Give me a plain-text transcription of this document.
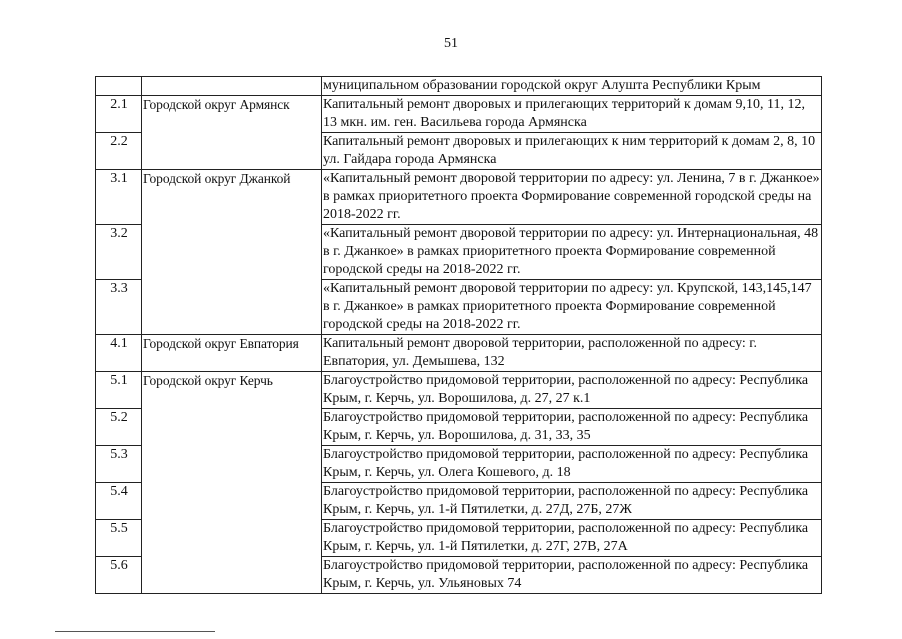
51
		муниципальном образовании городской округ Алушта Республики Крым
2.1	Городской округ Армянск	Капитальный ремонт дворовых и прилегающих территорий к домам 9,10, 11, 12, 13 мкн. им. ген. Васильева города Армянска
2.2		Капитальный ремонт дворовых и прилегающих к ним территорий к домам 2, 8, 10 ул. Гайдара города Армянска
3.1	Городской округ Джанкой	«Капитальный ремонт дворовой территории по адресу: ул. Ленина, 7 в г. Джанкое» в рамках приоритетного проекта Формирование современной городской среды на 2018-2022 гг.
3.2		«Капитальный ремонт дворовой территории по адресу: ул. Интернациональная, 48 в г. Джанкое» в рамках приоритетного проекта Формирование современной городской среды на 2018-2022 гг.
3.3		«Капитальный ремонт дворовой территории по адресу: ул. Крупской, 143,145,147 в г. Джанкое» в рамках приоритетного проекта Формирование современной городской среды на 2018-2022 гг.
4.1	Городской округ Евпатория	Капитальный ремонт дворовой территории, расположенной по адресу: г. Евпатория, ул. Демышева, 132
5.1	Городской округ Керчь	Благоустройство придомовой территории, расположенной по адресу: Республика Крым, г. Керчь, ул. Ворошилова, д. 27, 27 к.1
5.2		Благоустройство придомовой территории, расположенной по адресу: Республика Крым, г. Керчь, ул. Ворошилова, д. 31, 33, 35
5.3		Благоустройство придомовой территории, расположенной по адресу: Республика Крым, г. Керчь, ул. Олега Кошевого, д. 18
5.4		Благоустройство придомовой территории, расположенной по адресу: Республика Крым, г. Керчь, ул. 1-й Пятилетки, д. 27Д, 27Б, 27Ж
5.5		Благоустройство придомовой территории, расположенной по адресу: Республика Крым, г. Керчь, ул. 1-й Пятилетки, д. 27Г, 27В, 27А
5.6		Благоустройство придомовой территории, расположенной по адресу: Республика Крым, г. Керчь, ул. Ульяновых 74
